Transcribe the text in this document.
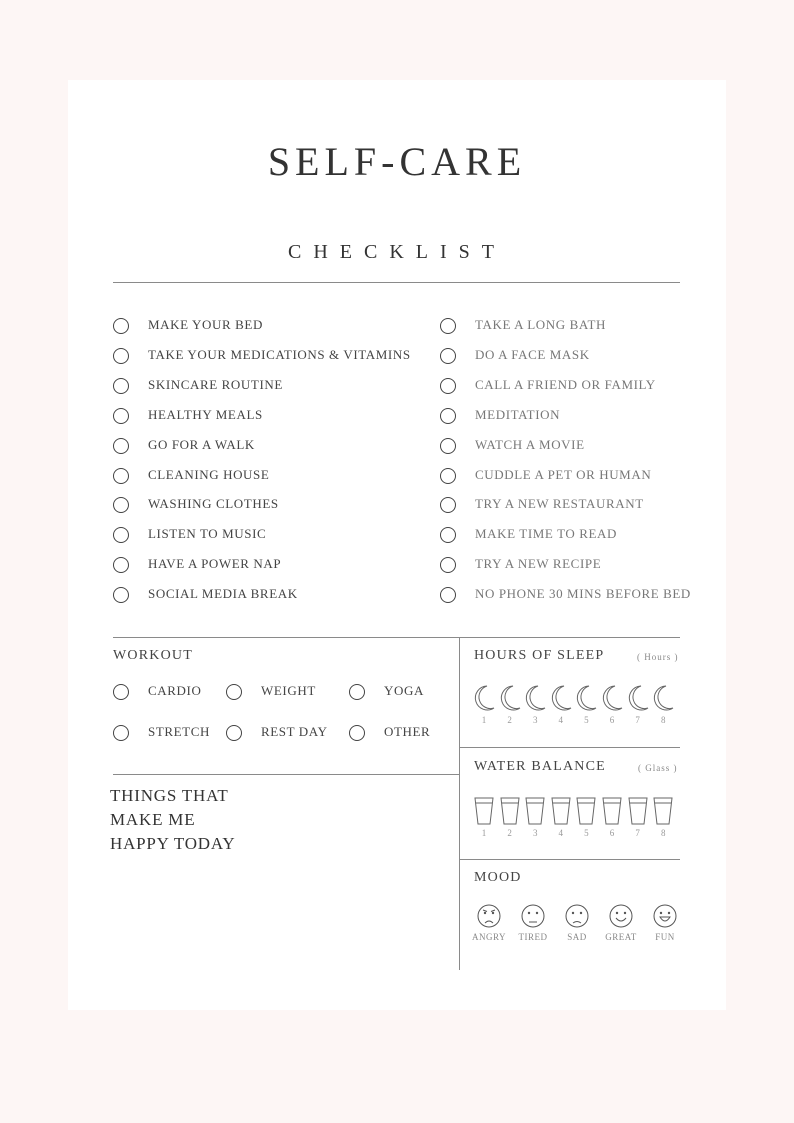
SELF-CARE
CHECKLIST
MAKE YOUR BED
TAKE YOUR MEDICATIONS & VITAMINS
SKINCARE ROUTINE
HEALTHY MEALS
GO FOR A WALK
CLEANING HOUSE
WASHING CLOTHES
LISTEN TO MUSIC
HAVE A POWER NAP
SOCIAL MEDIA BREAK
TAKE A LONG BATH
DO A FACE MASK
CALL A FRIEND OR FAMILY
MEDITATION
WATCH A MOVIE
CUDDLE A PET OR HUMAN
TRY A NEW RESTAURANT
MAKE TIME TO READ
TRY A NEW RECIPE
NO PHONE 30 MINS BEFORE BED
WORKOUT
CARDIO	WEIGHT	YOGA
STRETCH	REST DAY	OTHER
THINGS THAT
MAKE ME
HAPPY TODAY
HOURS OF SLEEP	( Hours )
1	2	3	4	5	6	7	8
WATER BALANCE	( Glass )
1	2	3	4	5	6	7	8
MOOD
ANGRY	TIRED	SAD	GREAT	FUN
